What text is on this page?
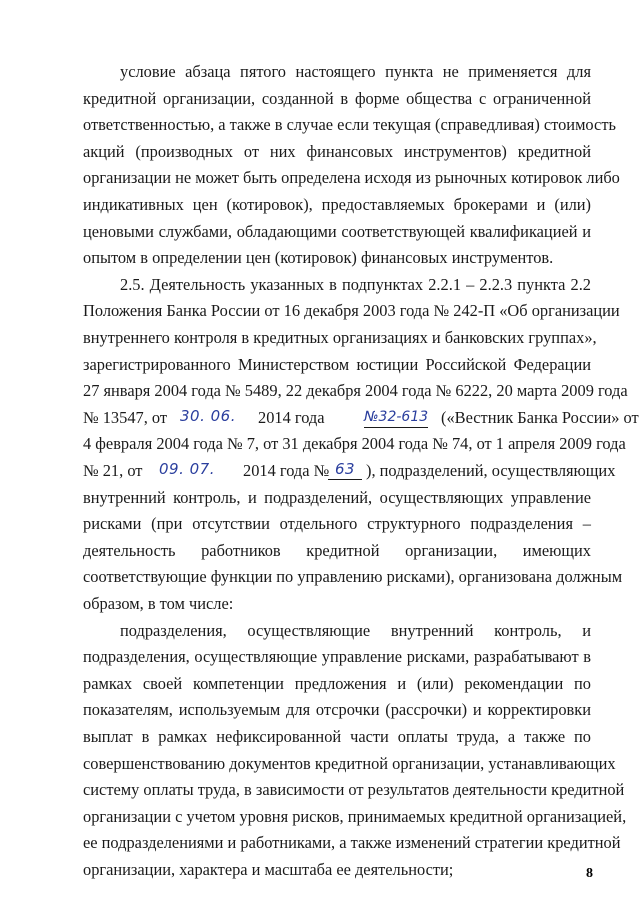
условие абзаца пятого настоящего пункта не применяется для
кредитной организации, созданной в форме общества с ограниченной
ответственностью, а также в случае если текущая (справедливая) стоимость
акций (производных от них финансовых инструментов) кредитной
организации не может быть определена исходя из рыночных котировок либо
индикативных цен (котировок), предоставляемых брокерами и (или)
ценовыми службами, обладающими соответствующей квалификацией и
опытом в определении цен (котировок) финансовых инструментов.
2.5. Деятельность указанных в подпунктах 2.2.1 – 2.2.3 пункта 2.2
Положения Банка России от 16 декабря 2003 года № 242-П «Об организации
внутреннего контроля в кредитных организациях и банковских группах»,
зарегистрированного Министерством юстиции Российской Федерации
27 января 2004 года № 5489, 22 декабря 2004 года № 6222, 20 марта 2009 года
№ 13547, от 30. 06. 2014 года	№32-613 («Вестник Банка России» от
4 февраля 2004 года № 7, от 31 декабря 2004 года № 74, от 1 апреля 2009 года
№ 21, от 09. 07. 2014 года № 63 ), подразделений, осуществляющих
внутренний контроль, и подразделений, осуществляющих управление
рисками (при отсутствии отдельного структурного подразделения –
деятельность работников кредитной организации, имеющих
соответствующие функции по управлению рисками), организована должным
образом, в том числе:
подразделения, осуществляющие внутренний контроль, и
подразделения, осуществляющие управление рисками, разрабатывают в
рамках своей компетенции предложения и (или) рекомендации по
показателям, используемым для отсрочки (рассрочки) и корректировки
выплат в рамках нефиксированной части оплаты труда, а также по
совершенствованию документов кредитной организации, устанавливающих
систему оплаты труда, в зависимости от результатов деятельности кредитной
организации с учетом уровня рисков, принимаемых кредитной организацией,
ее подразделениями и работниками, а также изменений стратегии кредитной
организации, характера и масштаба ее деятельности;	8
